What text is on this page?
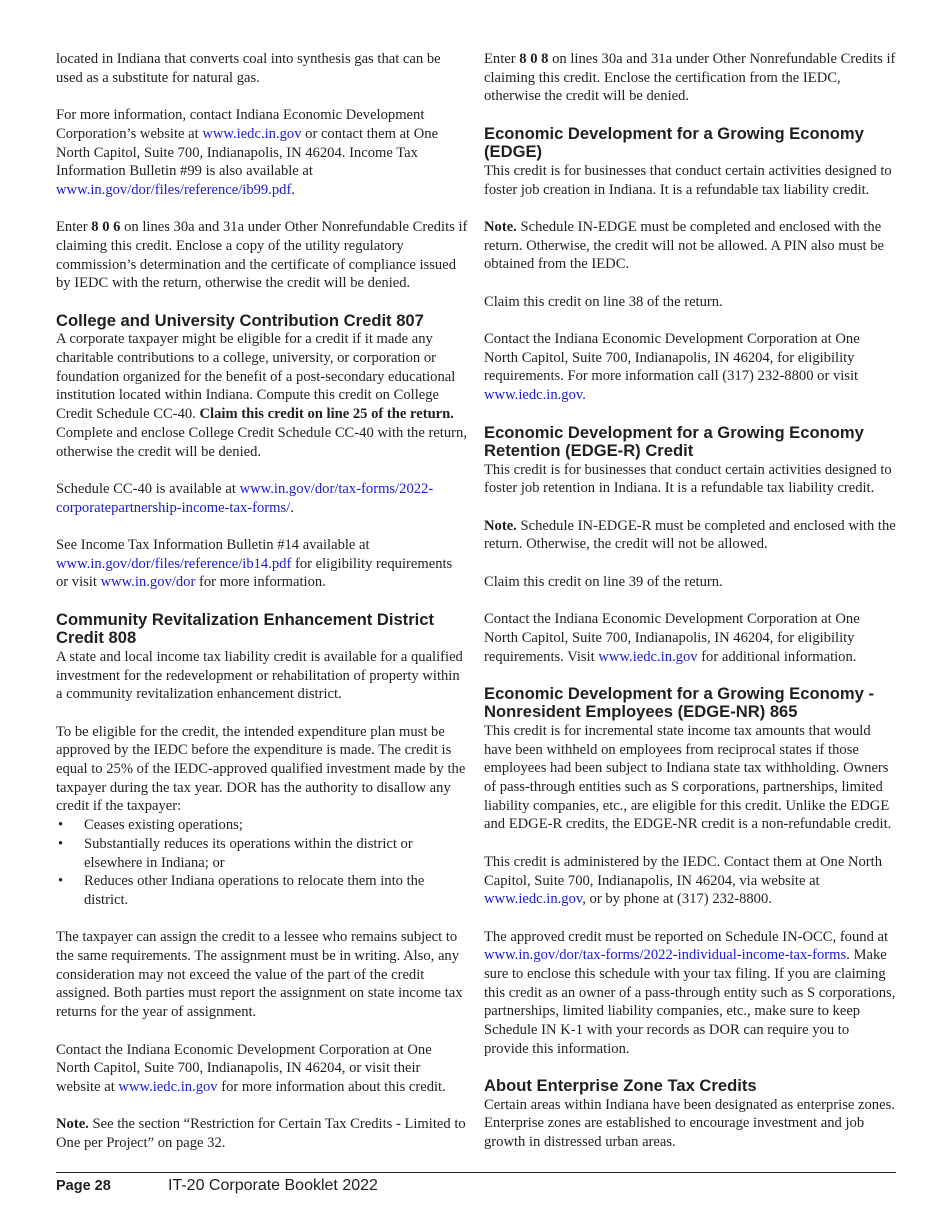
located in Indiana that converts coal into synthesis gas that can be used as a substitute for natural gas.

For more information, contact Indiana Economic Development Corporation’s website at www.iedc.in.gov or contact them at One North Capitol, Suite 700, Indianapolis, IN 46204. Income Tax Information Bulletin #99 is also available at www.in.gov/dor/files/reference/ib99.pdf.

Enter 8 0 6 on lines 30a and 31a under Other Nonrefundable Credits if claiming this credit. Enclose a copy of the utility regulatory commission’s determination and the certificate of compliance issued by IEDC with the return, otherwise the credit will be denied.

College and University Contribution Credit 807

A corporate taxpayer might be eligible for a credit if it made any charitable contributions to a college, university, or corporation or foundation organized for the benefit of a post-secondary educational institution located within Indiana. Compute this credit on College Credit Schedule CC-40. Claim this credit on line 25 of the return. Complete and enclose College Credit Schedule CC-40 with the return, otherwise the credit will be denied.

Schedule CC-40 is available at www.in.gov/dor/tax-forms/2022-corporatepartnership-income-tax-forms/.

See Income Tax Information Bulletin #14 available at www.in.gov/dor/files/reference/ib14.pdf for eligibility requirements or visit www.in.gov/dor for more information.

Community Revitalization Enhancement District Credit 808

A state and local income tax liability credit is available for a qualified investment for the redevelopment or rehabilitation of property within a community revitalization enhancement district.

To be eligible for the credit, the intended expenditure plan must be approved by the IEDC before the expenditure is made. The credit is equal to 25% of the IEDC-approved qualified investment made by the taxpayer during the tax year. DOR has the authority to disallow any credit if the taxpayer:

• Ceases existing operations;
• Substantially reduces its operations within the district or elsewhere in Indiana; or
• Reduces other Indiana operations to relocate them into the district.

The taxpayer can assign the credit to a lessee who remains subject to the same requirements. The assignment must be in writing. Also, any consideration may not exceed the value of the part of the credit assigned. Both parties must report the assignment on state income tax returns for the year of assignment.

Contact the Indiana Economic Development Corporation at One North Capitol, Suite 700, Indianapolis, IN 46204, or visit their website at www.iedc.in.gov for more information about this credit.

Note. See the section “Restriction for Certain Tax Credits - Limited to One per Project” on page 32.

Enter 8 0 8 on lines 30a and 31a under Other Nonrefundable Credits if claiming this credit. Enclose the certification from the IEDC, otherwise the credit will be denied.

Economic Development for a Growing Economy (EDGE)

This credit is for businesses that conduct certain activities designed to foster job creation in Indiana. It is a refundable tax liability credit.

Note. Schedule IN-EDGE must be completed and enclosed with the return. Otherwise, the credit will not be allowed. A PIN also must be obtained from the IEDC.

Claim this credit on line 38 of the return.

Contact the Indiana Economic Development Corporation at One North Capitol, Suite 700, Indianapolis, IN 46204, for eligibility requirements. For more information call (317) 232-8800 or visit www.iedc.in.gov.

Economic Development for a Growing Economy Retention (EDGE-R) Credit

This credit is for businesses that conduct certain activities designed to foster job retention in Indiana. It is a refundable tax liability credit.

Note. Schedule IN-EDGE-R must be completed and enclosed with the return. Otherwise, the credit will not be allowed.

Claim this credit on line 39 of the return.

Contact the Indiana Economic Development Corporation at One North Capitol, Suite 700, Indianapolis, IN 46204, for eligibility requirements. Visit www.iedc.in.gov for additional information.

Economic Development for a Growing Economy - Nonresident Employees (EDGE-NR) 865

This credit is for incremental state income tax amounts that would have been withheld on employees from reciprocal states if those employees had been subject to Indiana state tax withholding. Owners of pass-through entities such as S corporations, partnerships, limited liability companies, etc., are eligible for this credit. Unlike the EDGE and EDGE-R credits, the EDGE-NR credit is a non-refundable credit.

This credit is administered by the IEDC. Contact them at One North Capitol, Suite 700, Indianapolis, IN 46204, via website at www.iedc.in.gov, or by phone at (317) 232-8800.

The approved credit must be reported on Schedule IN-OCC, found at www.in.gov/dor/tax-forms/2022-individual-income-tax-forms. Make sure to enclose this schedule with your tax filing. If you are claiming this credit as an owner of a pass-through entity such as S corporations, partnerships, limited liability companies, etc., make sure to keep Schedule IN K-1 with your records as DOR can require you to provide this information.

About Enterprise Zone Tax Credits

Certain areas within Indiana have been designated as enterprise zones. Enterprise zones are established to encourage investment and job growth in distressed urban areas.

Page 28	IT-20 Corporate Booklet 2022
